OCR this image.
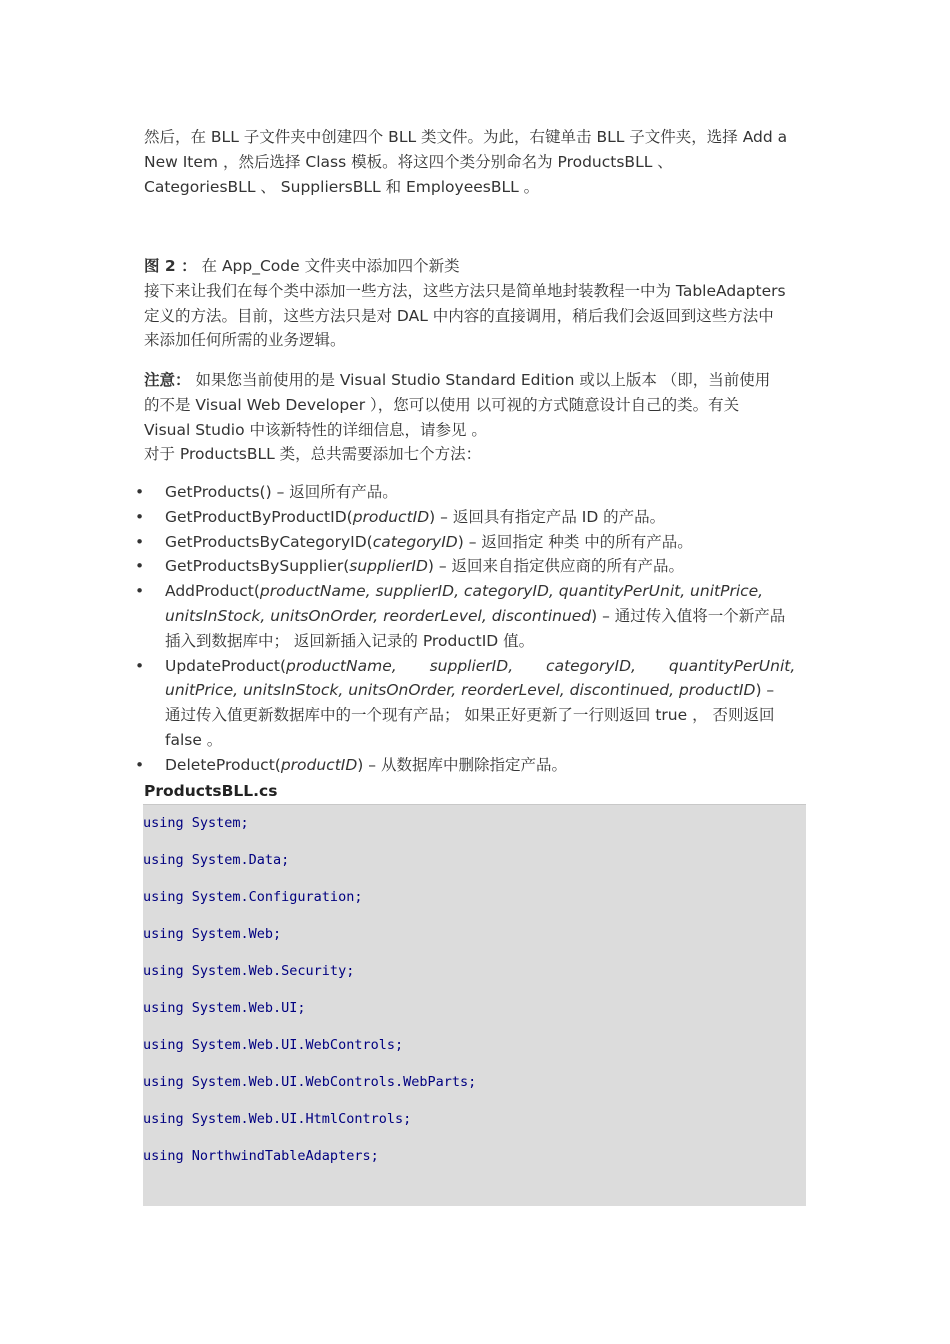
然后，在 BLL 子文件夹中创建四个 BLL 类文件。为此，右键单击 BLL 子文件夹，选择 Add a

New Item ，然后选择 Class 模板。将这四个类分别命名为 ProductsBLL 、

CategoriesBLL 、 SuppliersBLL 和 EmployeesBLL 。

图 2 ： 在 App_Code 文件夹中添加四个新类

接下来让我们在每个类中添加一些方法，这些方法只是简单地封装教程一中为 TableAdapters

定义的方法。目前，这些方法只是对 DAL 中内容的直接调用，稍后我们会返回到这些方法中

来添加任何所需的业务逻辑。

注意： 如果您当前使用的是 Visual Studio Standard Edition 或以上版本 （即，当前使用

的不是 Visual Web Developer ），您可以使用 以可视的方式随意设计自己的类。有关

Visual Studio 中该新特性的详细信息，请参见 。

对于 ProductsBLL 类，总共需要添加七个方法：

• GetProducts() – 返回所有产品。
• GetProductByProductID(productID) – 返回具有指定产品 ID 的产品。
• GetProductsByCategoryID(categoryID) – 返回指定 种类 中的所有产品。
• GetProductsBySupplier(supplierID) – 返回来自指定供应商的所有产品。
• AddProduct(productName, supplierID, categoryID, quantityPerUnit, unitPrice,
unitsInStock, unitsOnOrder, reorderLevel, discontinued) – 通过传入值将一个新产品
插入到数据库中； 返回新插入记录的 ProductID 值。
• UpdateProduct( productName, supplierID, categoryID, quantityPerUnit,
unitPrice, unitsInStock, unitsOnOrder, reorderLevel, discontinued, productID) –
通过传入值更新数据库中的一个现有产品； 如果正好更新了一行则返回 true ， 否则返回
false 。
• DeleteProduct(productID) – 从数据库中删除指定产品。
ProductsBLL.cs
using System;
using System.Data;
using System.Configuration;
using System.Web;
using System.Web.Security;
using System.Web.UI;
using System.Web.UI.WebControls;
using System.Web.UI.WebControls.WebParts;
using System.Web.UI.HtmlControls;
using NorthwindTableAdapters;
